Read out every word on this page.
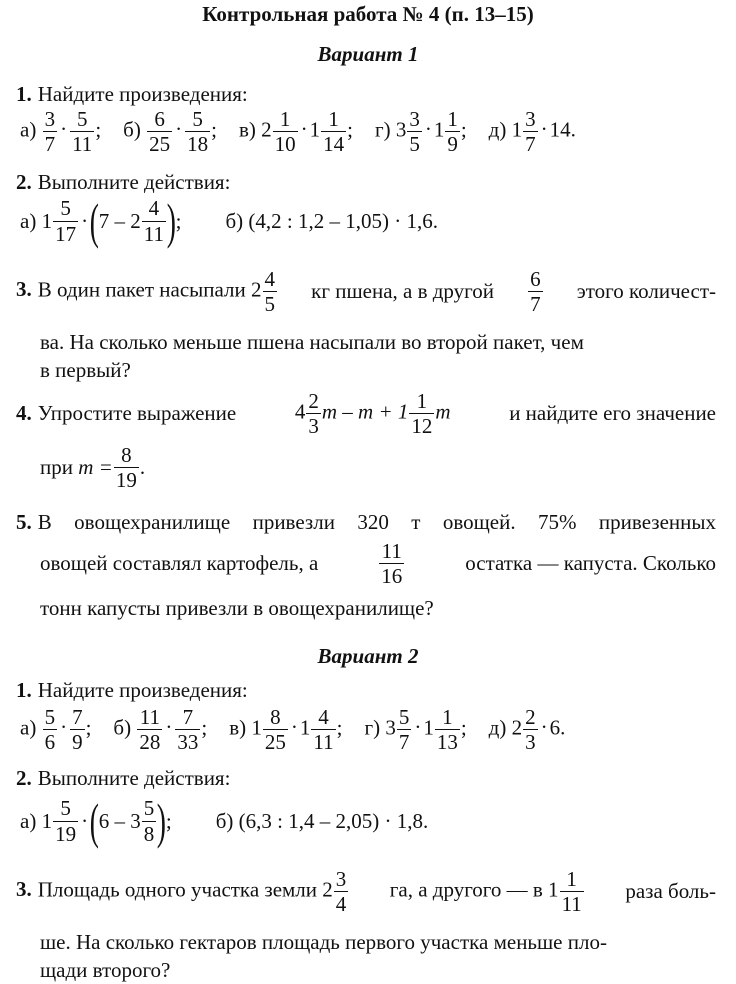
Контрольная работа № 4 (п. 13–15)
Вариант 1
1. Найдите произведения:
$а) \frac{3}{7} \cdot \frac{5}{11}$ ; $б) \frac{6}{25} \cdot \frac{5}{18}$ ; в) $2 \frac{1}{10} \cdot 1 \frac{1}{14}$ ; г) $3 \frac{3}{5} \cdot 1 \frac{1}{9}$ ; д) $1 \frac{3}{7} \cdot 14$.
2. Выполните действия:
а)
$1 \frac{5}{17}$ · ( $7 - 2 \frac{4}{11}$ ) ; б) (4,2 : 1,2 – 1,05) · 1,6.
3. В один пакет насыпали $2 \frac{4}{5}$ кг пшена, а в другой $\frac{6}{7}$ этого количест-
ва. На сколько меньше пшена насыпали во второй пакет, чем
в первый?
4. Упростите выражение	$4 \frac{2}{3}$ $m - m + 1 \frac{1}{12}$ m	и найдите его значение
при
$m = \frac{8}{19}$ .
5. В овощехранилище привезли 320 т овощей. 75% привезенных
овощей составлял картофель, а	$\frac{11}{16}$	остатка — капуста. Сколько
тонн капусты привезли в овощехранилище?
Вариант 2
1. Найдите произведения:
$а) \frac{5}{6} \cdot \frac{7}{9}$ ; $б) \frac{11}{28} \cdot \frac{7}{33}$ ; в) $1 \frac{8}{25} \cdot 1 \frac{4}{11}$ ; г) $3 \frac{5}{7} \cdot 1 \frac{1}{13}$ ; д) $2 \frac{2}{3} \cdot 6$.
2. Выполните действия:
а)
$1 \frac{5}{19}$ · ( $6 - 3 \frac{5}{8}$ ) ; б) (6,3 : 1,4 – 2,05) · 1,8.
3. Площадь одного участка земли $2 \frac{3}{4}$ га, а другого — в $1 \frac{1}{11}$ раза боль-
ше. На сколько гектаров площадь первого участка меньше пло-
щади второго?
